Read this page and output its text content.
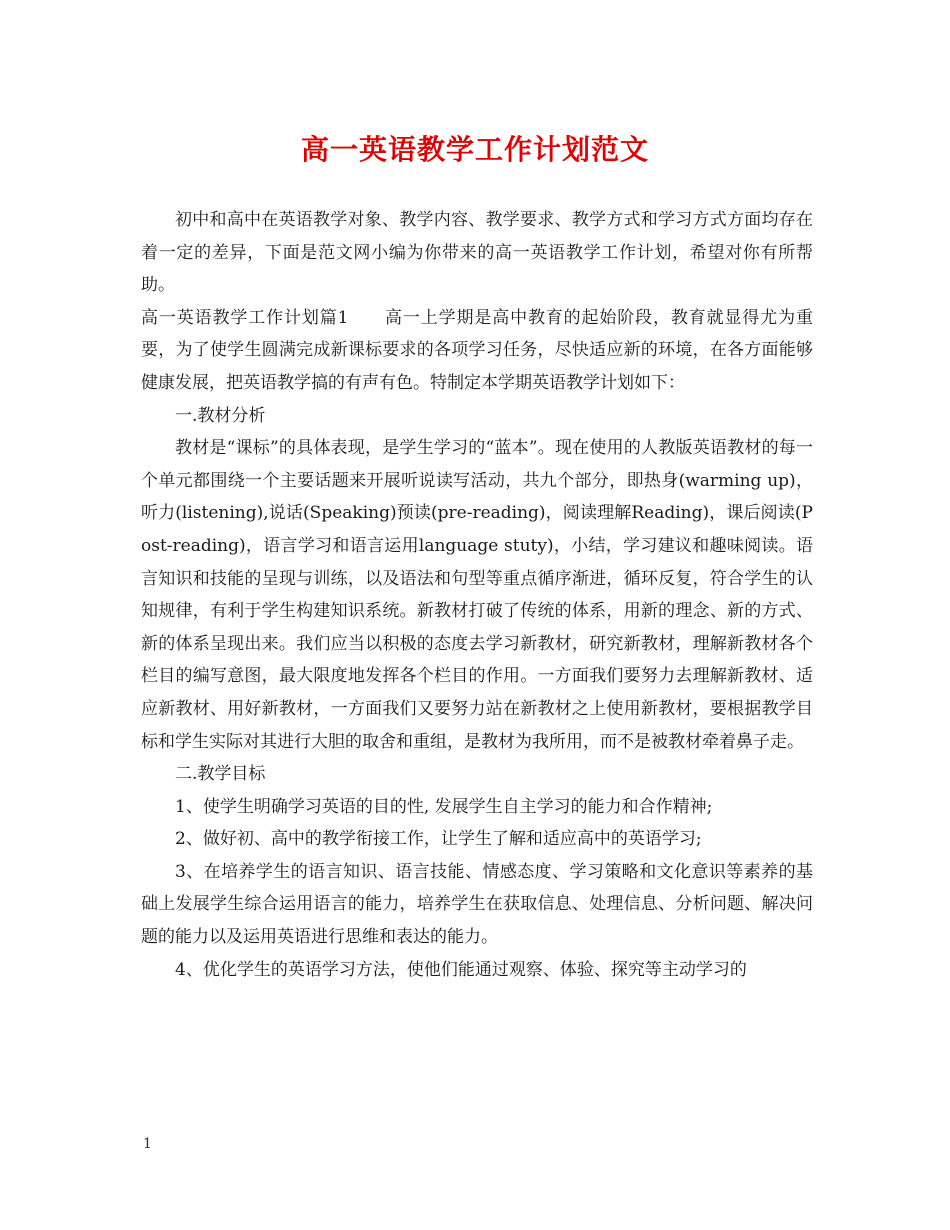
高一英语教学工作计划范文

初中和高中在英语教学对象、教学内容、教学要求、教学方式和学习方式方面均存在着一定的差异，下面是范文网小编为你带来的高一英语教学工作计划，希望对你有所帮助。

高一英语教学工作计划篇1　　高一上学期是高中教育的起始阶段，教育就显得尤为重要，为了使学生圆满完成新课标要求的各项学习任务，尽快适应新的环境，在各方面能够健康发展，把英语教学搞的有声有色。特制定本学期英语教学计划如下：

一.教材分析

教材是“课标”的具体表现，是学生学习的“蓝本”。现在使用的人教版英语教材的每一个单元都围绕一个主要话题来开展听说读写活动，共九个部分，即热身(warming up)，听力(listening),说话(Speaking)预读(pre-reading)，阅读理解Reading)，课后阅读(Post-reading)，语言学习和语言运用language stuty)，小结，学习建议和趣味阅读。语言知识和技能的呈现与训练，以及语法和句型等重点循序渐进，循环反复，符合学生的认知规律，有利于学生构建知识系统。新教材打破了传统的体系，用新的理念、新的方式、新的体系呈现出来。我们应当以积极的态度去学习新教材，研究新教材，理解新教材各个栏目的编写意图，最大限度地发挥各个栏目的作用。一方面我们要努力去理解新教材、适应新教材、用好新教材，一方面我们又要努力站在新教材之上使用新教材，要根据教学目标和学生实际对其进行大胆的取舍和重组，是教材为我所用，而不是被教材牵着鼻子走。

二.教学目标

1、使学生明确学习英语的目的性, 发展学生自主学习的能力和合作精神;

2、做好初、高中的教学衔接工作，让学生了解和适应高中的英语学习;

3、在培养学生的语言知识、语言技能、情感态度、学习策略和文化意识等素养的基础上发展学生综合运用语言的能力，培养学生在获取信息、处理信息、分析问题、解决问题的能力以及运用英语进行思维和表达的能力。

4、优化学生的英语学习方法，使他们能通过观察、体验、探究等主动学习的

1
